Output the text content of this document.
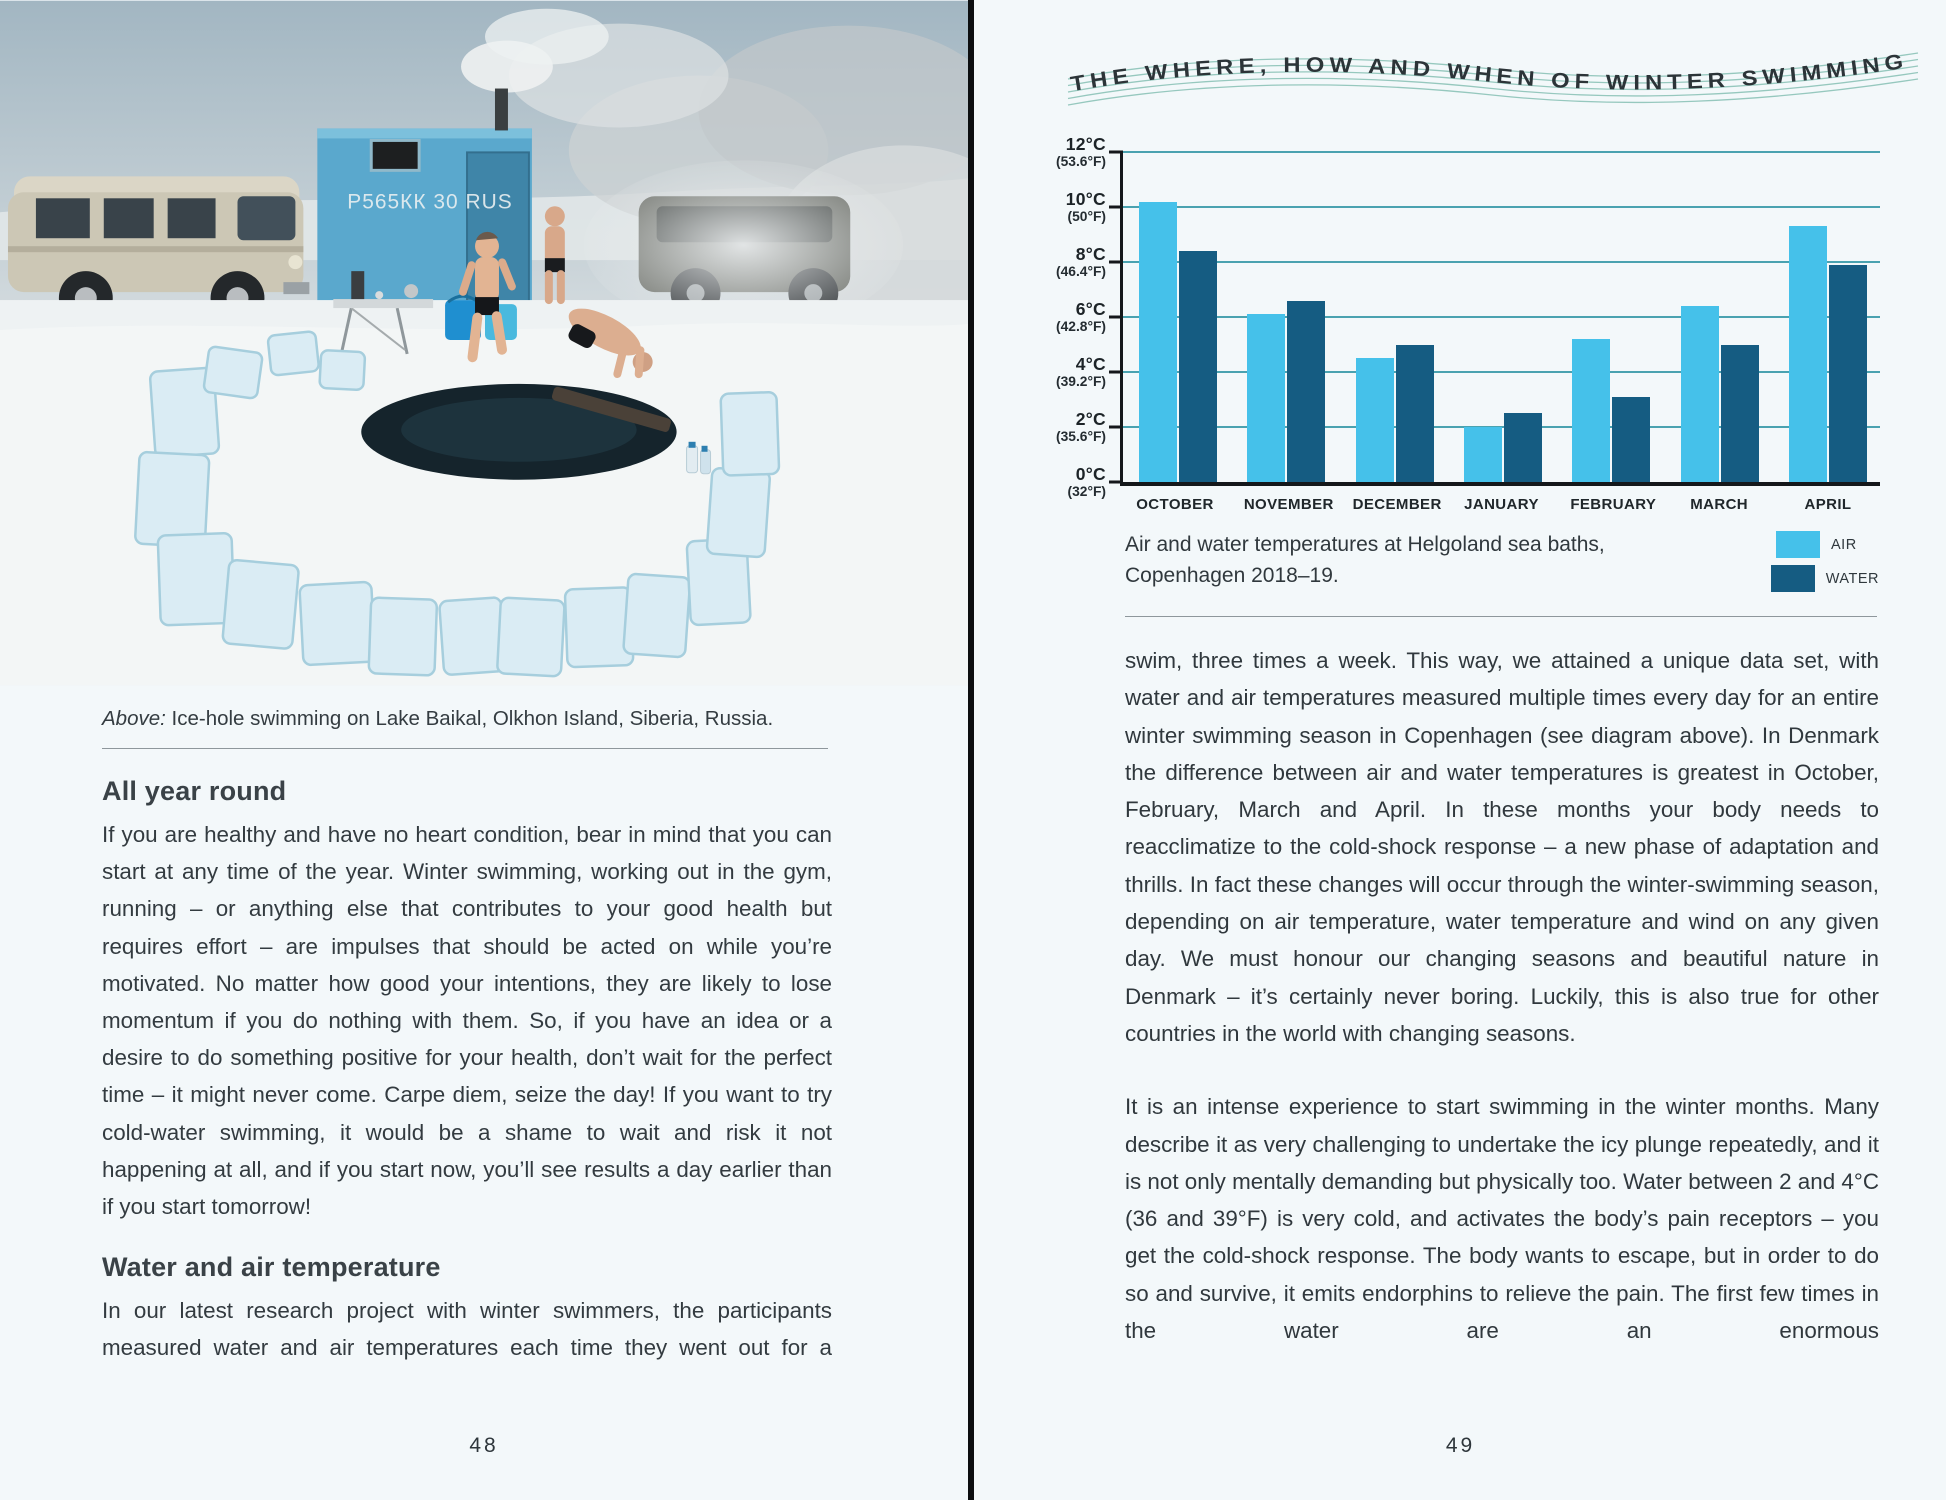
Р565КК 30 RUS
Above: Ice-hole swimming on Lake Baikal, Olkhon Island, Siberia, Russia.
All year round

If you are healthy and have no heart condition, bear in mind that you can start at any time of the year. Winter swimming, working out in the gym, running – or anything else that contributes to your good health but requires effort – are impulses that should be acted on while you’re motivated. No matter how good your intentions, they are likely to lose momentum if you do nothing with them. So, if you have an idea or a desire to do something positive for your health, don’t wait for the perfect time – it might never come. Carpe diem, seize the day! If you want to try cold-water swimming, it would be a shame to wait and risk it not happening at all, and if you start now, you’ll see results a day earlier than if you start tomorrow!

Water and air temperature

In our latest research project with winter swimmers, the participants measured water and air temperatures each time they went out for a

48
THE WHERE, HOW AND WHEN OF WINTER SWIMMING
12°C
(53.6°F)
10°C
(50°F)
8°C
(46.4°F)
6°C
(42.8°F)
4°C
(39.2°F)
2°C
(35.6°F)
0°C
(32°F)
OCTOBER NOVEMBER DECEMBER JANUARY FEBRUARY	MARCH	APRIL
Air and water temperatures at Helgoland sea baths,
Copenhagen 2018–19.
AIR
WATER

swim, three times a week. This way, we attained a unique data set, with water and air temperatures measured multiple times every day for an entire winter swimming season in Copenhagen (see diagram above). In Denmark the difference between air and water temperatures is greatest in October, February, March and April. In these months your body needs to reacclimatize to the cold-shock response – a new phase of adaptation and thrills. In fact these changes will occur through the winter-swimming season, depending on air temperature, water temperature and wind on any given day. We must honour our changing seasons and beautiful nature in Denmark – it’s certainly never boring. Luckily, this is also true for other countries in the world with changing seasons.

It is an intense experience to start swimming in the winter months. Many describe it as very challenging to undertake the icy plunge repeatedly, and it is not only mentally demanding but physically too. Water between 2 and 4°C (36 and 39°F) is very cold, and activates the body’s pain receptors – you get the cold-shock response. The body wants to escape, but in order to do so and survive, it emits endorphins to relieve the pain. The first few times in the water are an enormous

49
